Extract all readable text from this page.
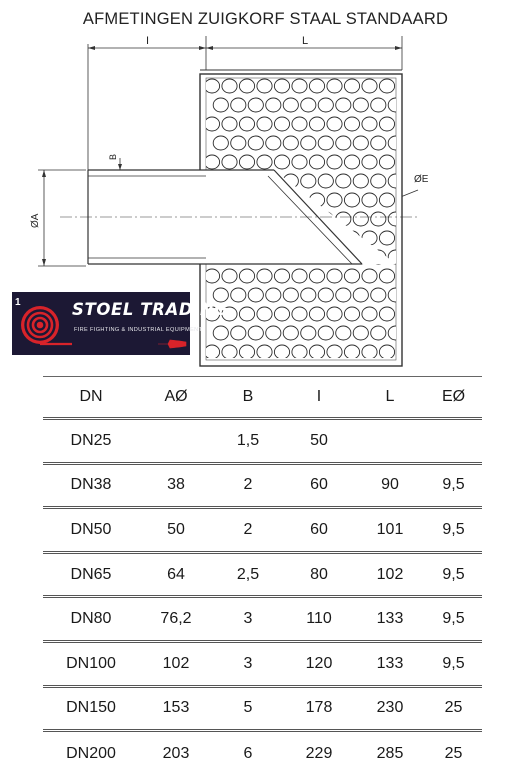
AFMETINGEN ZUIGKORF STAAL STANDAARD
I	L
B
ØA
ØE
1	STOEL TRADING
FIRE FIGHTING & INDUSTRIAL EQUIPMENT
DN	AØ	B	I	L	EØ
DN25		1,5	50		
DN38	38	2	60	90	9,5
DN50	50	2	60	101	9,5
DN65	64	2,5	80	102	9,5
DN80	76,2	3	110	133	9,5
DN100	102	3	120	133	9,5
DN150	153	5	178	230	25
DN200	203	6	229	285	25
